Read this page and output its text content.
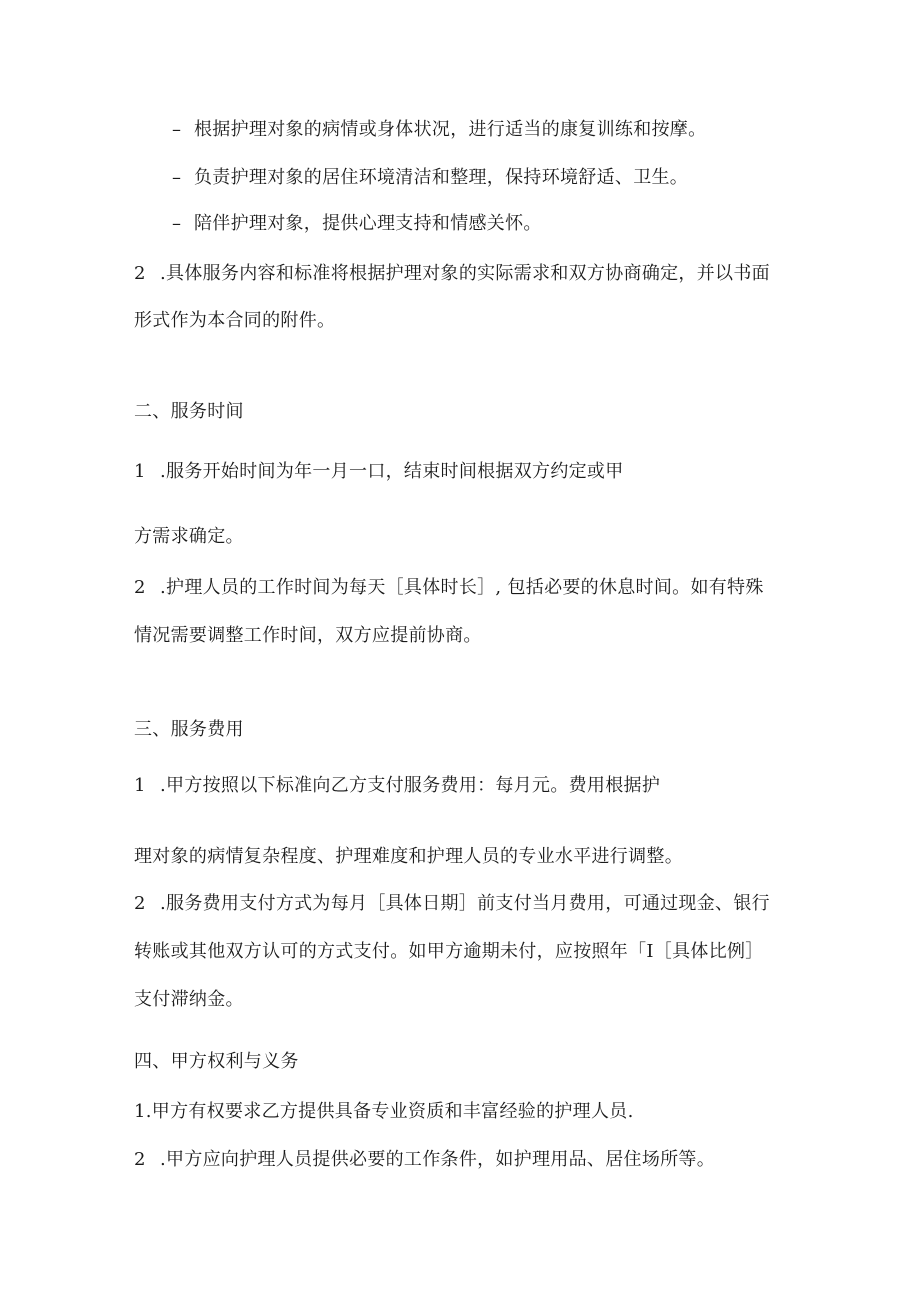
– 根据护理对象的病情或身体状况，进行适当的康复训练和按摩。
– 负责护理对象的居住环境清洁和整理，保持环境舒适、卫生。
– 陪伴护理对象，提供心理支持和情感关怀。
2 .具体服务内容和标准将根据护理对象的实际需求和双方协商确定，并以书面
形式作为本合同的附件。
二、服务时间
1 .服务开始时间为年一月一口，结束时间根据双方约定或甲
方需求确定。
2 .护理人员的工作时间为每天［具体时长］, 包括必要的休息时间。如有特殊
情况需要调整工作时间，双方应提前协商。
三、服务费用
1 .甲方按照以下标准向乙方支付服务费用：每月元。费用根据护
理对象的病情复杂程度、护理难度和护理人员的专业水平进行调整。
2 .服务费用支付方式为每月［具体日期］前支付当月费用，可通过现金、银行
转账或其他双方认可的方式支付。如甲方逾期未付，应按照年「I［具体比例］
支付滞纳金。
四、甲方权利与义务
1.甲方有权要求乙方提供具备专业资质和丰富经验的护理人员.
2 .甲方应向护理人员提供必要的工作条件，如护理用品、居住场所等。
